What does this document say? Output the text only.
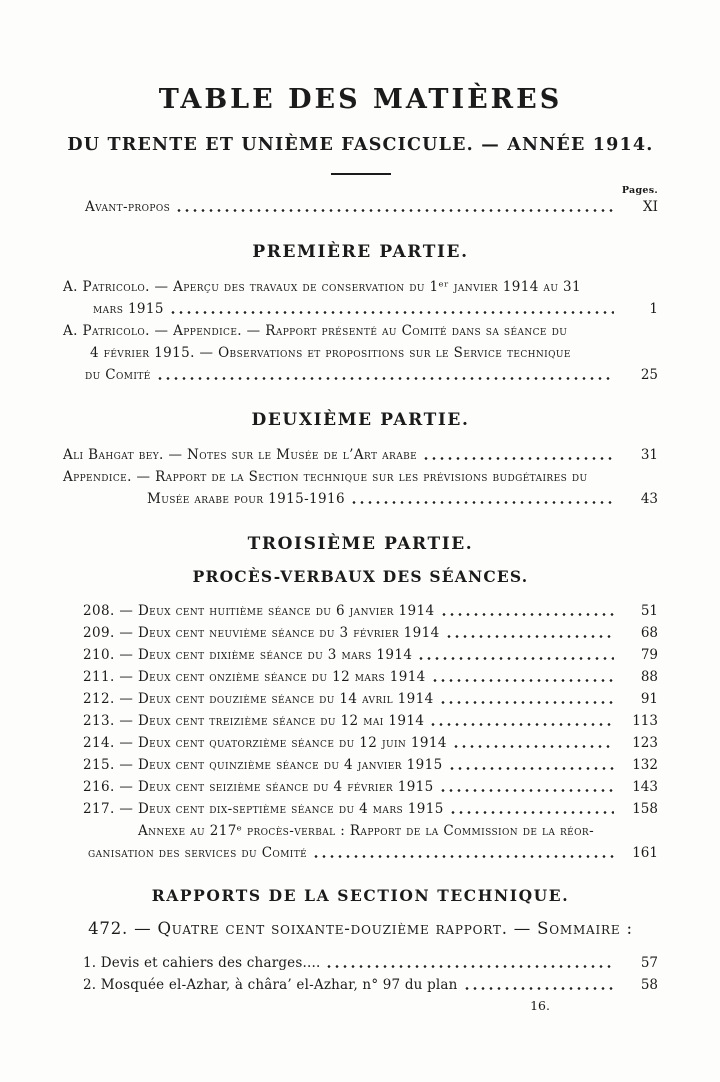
TABLE DES MATIÈRES
DU TRENTE ET UNIÈME FASCICULE. — ANNÉE 1914.
Pages.
Avant-propos	XI
PREMIÈRE PARTIE.
A. Patricolo. — Aperçu des travaux de conservation du 1ᵉʳ janvier 1914 au 31
mars 1915	1
A. Patricolo. — Appendice. — Rapport présenté au Comité dans sa séance du
4 février 1915. — Observations et propositions sur le Service technique
du Comité	25
DEUXIÈME PARTIE.
Ali Bahgat bey. — Notes sur le Musée de l’Art arabe	31
Appendice. — Rapport de la Section technique sur les prévisions budgétaires du
Musée arabe pour 1915-1916	43
TROISIÈME PARTIE.
PROCÈS-VERBAUX DES SÉANCES.
208. — Deux cent huitième séance du 6 janvier 1914	51
209. — Deux cent neuvième séance du 3 février 1914	68
210. — Deux cent dixième séance du 3 mars 1914	79
211. — Deux cent onzième séance du 12 mars 1914	88
212. — Deux cent douzième séance du 14 avril 1914	91
213. — Deux cent treizième séance du 12 mai 1914	113
214. — Deux cent quatorzième séance du 12 juin 1914	123
215. — Deux cent quinzième séance du 4 janvier 1915	132
216. — Deux cent seizième séance du 4 février 1915	143
217. — Deux cent dix-septième séance du 4 mars 1915	158
Annexe au 217ᵉ procès-verbal : Rapport de la Commission de la réor-
ganisation des services du Comité	161
RAPPORTS DE LA SECTION TECHNIQUE.
472. — Quatre cent soixante-douzième rapport. — Sommaire :
1. Devis et cahiers des charges....	57
2. Mosquée el-Azhar, à châra’ el-Azhar, n° 97 du plan	58
16.
